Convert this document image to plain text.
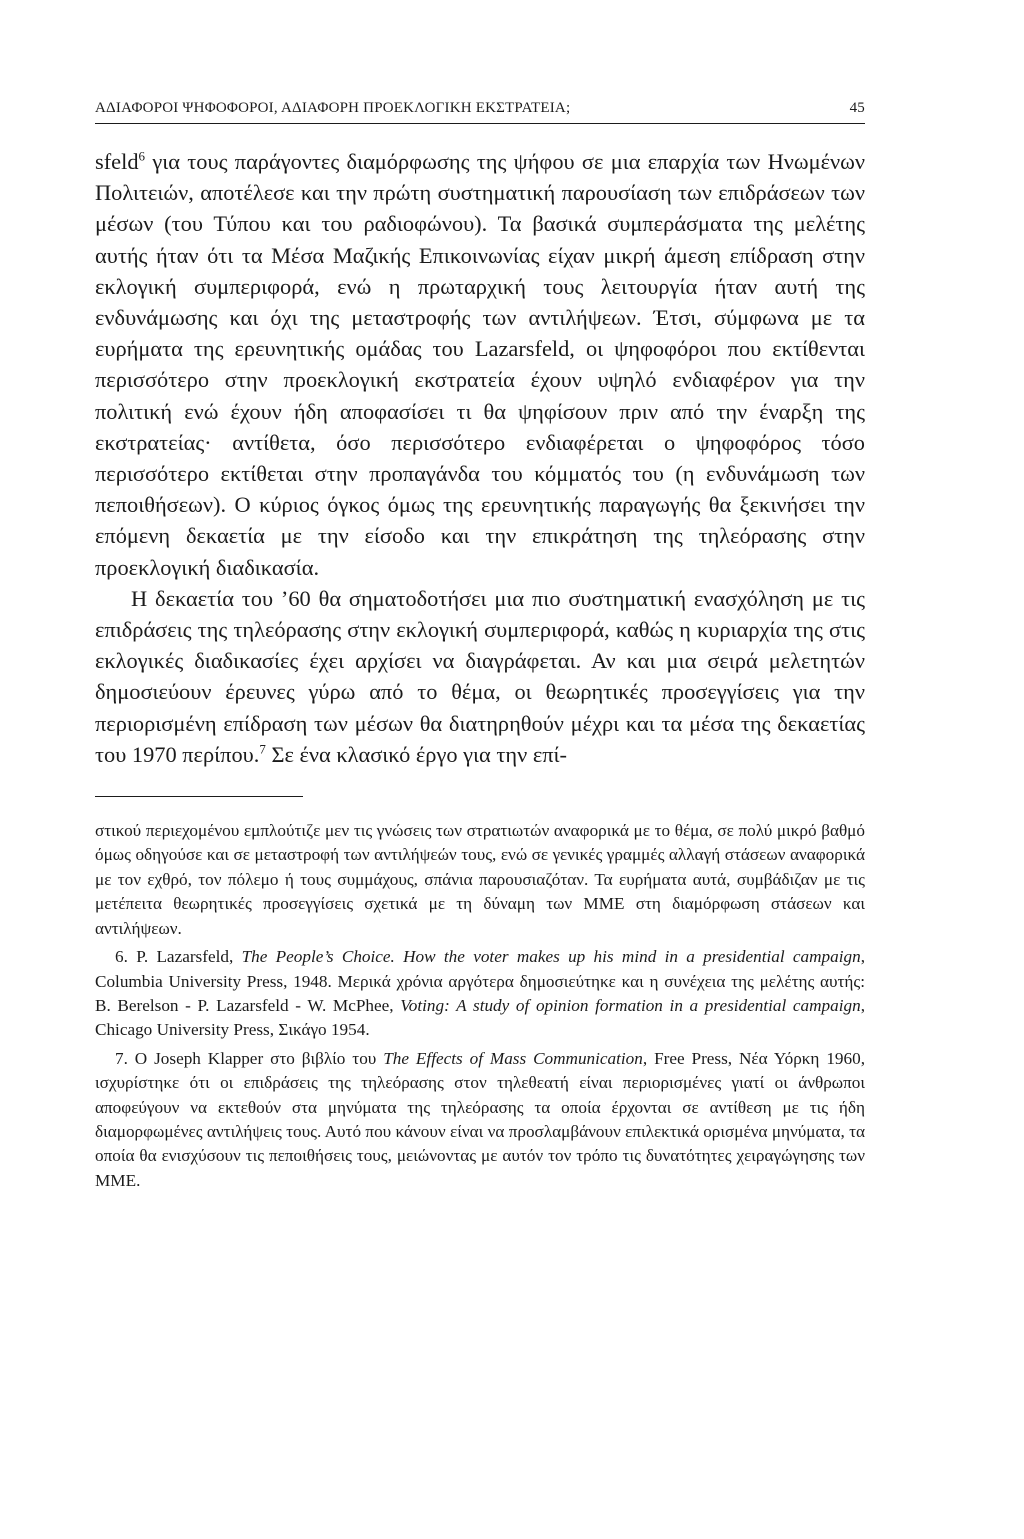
ΑΔΙΑΦΟΡΟΙ ΨΗΦΟΦΟΡΟΙ, ΑΔΙΑΦΟΡΗ ΠΡΟΕΚΛΟΓΙΚΗ ΕΚΣΤΡΑΤΕΙΑ;	45

sfeld$^6$ για τους παράγοντες διαμόρφωσης της ψήφου σε μια επαρχία των Ηνωμένων Πολιτειών, αποτέλεσε και την πρώτη συστηματική παρουσίαση των επιδράσεων των μέσων (του Τύπου και του ραδιοφώνου). Τα βασικά συμπεράσματα της μελέτης αυτής ήταν ότι τα Μέσα Μαζικής Επικοινωνίας είχαν μικρή άμεση επίδραση στην εκλογική συμπεριφορά, ενώ η πρωταρχική τους λειτουργία ήταν αυτή της ενδυνάμωσης και όχι της μεταστροφής των αντιλήψεων. Έτσι, σύμφωνα με τα ευρήματα της ερευνητικής ομάδας του Lazarsfeld, οι ψηφοφόροι που εκτίθενται περισσότερο στην προεκλογική εκστρατεία έχουν υψηλό ενδιαφέρον για την πολιτική ενώ έχουν ήδη αποφασίσει τι θα ψηφίσουν πριν από την έναρξη της εκστρατείας· αντίθετα, όσο περισσότερο ενδιαφέρεται ο ψηφοφόρος τόσο περισσότερο εκτίθεται στην προπαγάνδα του κόμματός του (η ενδυνάμωση των πεποιθήσεων). Ο κύριος όγκος όμως της ερευνητικής παραγωγής θα ξεκινήσει την επόμενη δεκαετία με την είσοδο και την επικράτηση της τηλεόρασης στην προεκλογική διαδικασία.

Η δεκαετία του ’60 θα σηματοδοτήσει μια πιο συστηματική ενασχόληση με τις επιδράσεις της τηλεόρασης στην εκλογική συμπεριφορά, καθώς η κυριαρχία της στις εκλογικές διαδικασίες έχει αρχίσει να διαγράφεται. Αν και μια σειρά μελετητών δημοσιεύουν έρευνες γύρω από το θέμα, οι θεωρητικές προσεγγίσεις για την περιορισμένη επίδραση των μέσων θα διατηρηθούν μέχρι και τα μέσα της δεκαετίας του 1970 περίπου.$^7$ Σε ένα κλασικό έργο για την επί-

στικού περιεχομένου εμπλούτιζε μεν τις γνώσεις των στρατιωτών αναφορικά με το θέμα, σε πολύ μικρό βαθμό όμως οδηγούσε και σε μεταστροφή των αντιλήψεών τους, ενώ σε γενικές γραμμές αλλαγή στάσεων αναφορικά με τον εχθρό, τον πόλεμο ή τους συμμάχους, σπάνια παρουσιαζόταν. Τα ευρήματα αυτά, συμβάδιζαν με τις μετέπειτα θεωρητικές προσεγγίσεις σχετικά με τη δύναμη των ΜΜΕ στη διαμόρφωση στάσεων και αντιλήψεων.

6. P. Lazarsfeld, The People’s Choice. How the voter makes up his mind in a presidential campaign, Columbia University Press, 1948. Μερικά χρόνια αργότερα δημοσιεύτηκε και η συνέχεια της μελέτης αυτής: B. Berelson - P. Lazarsfeld - W. McPhee, Voting: A study of opinion formation in a presidential campaign, Chicago University Press, Σικάγο 1954.

7. Ο Joseph Klapper στο βιβλίο του The Effects of Mass Communication, Free Press, Νέα Υόρκη 1960, ισχυρίστηκε ότι οι επιδράσεις της τηλεόρασης στον τηλεθεατή είναι περιορισμένες γιατί οι άνθρωποι αποφεύγουν να εκτεθούν στα μηνύματα της τηλεόρασης τα οποία έρχονται σε αντίθεση με τις ήδη διαμορφωμένες αντιλήψεις τους. Αυτό που κάνουν είναι να προσλαμβάνουν επιλεκτικά ορισμένα μηνύματα, τα οποία θα ενισχύσουν τις πεποιθήσεις τους, μειώνοντας με αυτόν τον τρόπο τις δυνατότητες χειραγώγησης των ΜΜΕ.
